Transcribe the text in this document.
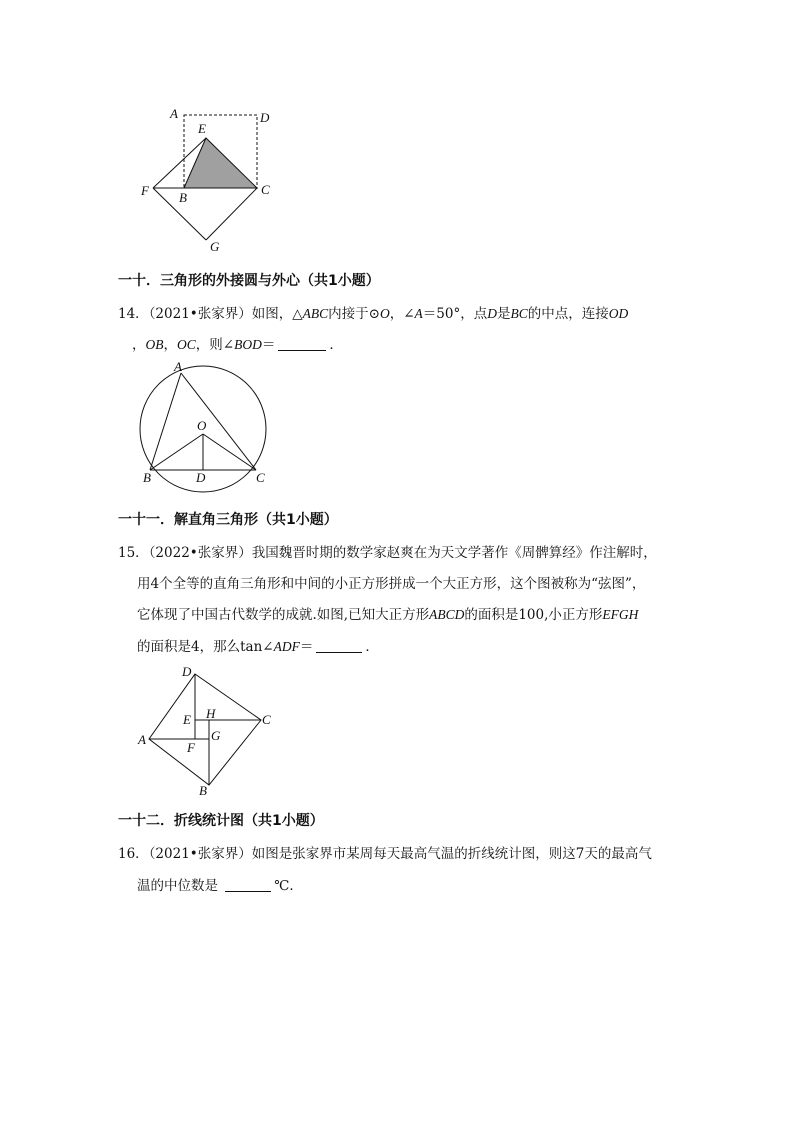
A	D
E
F B
C
G
一十．三角形的外接圆与外心（共1小题）
14．（2021•张家界）如图，△ABC内接于⊙O，∠A＝50°，点D是BC的中点，连接OD
，OB，OC，则∠BOD＝	．
A
O
B	D	C
一十一．解直角三角形（共1小题）
15．（2022•张家界）我国魏晋时期的数学家赵爽在为天文学著作《周髀算经》作注解时，
用4个全等的直角三角形和中间的小正方形拼成一个大正方形，这个图被称为“弦图”，
它体现了中国古代数学的成就.如图,已知大正方形ABCD的面积是100,小正方形EFGH
的面积是4，那么tan∠ADF＝	．
D
E H	C
A
F
G
B
一十二．折线统计图（共1小题）
16．（2021•张家界）如图是张家界市某周每天最高气温的折线统计图，则这7天的最高气
温的中位数是	℃．
